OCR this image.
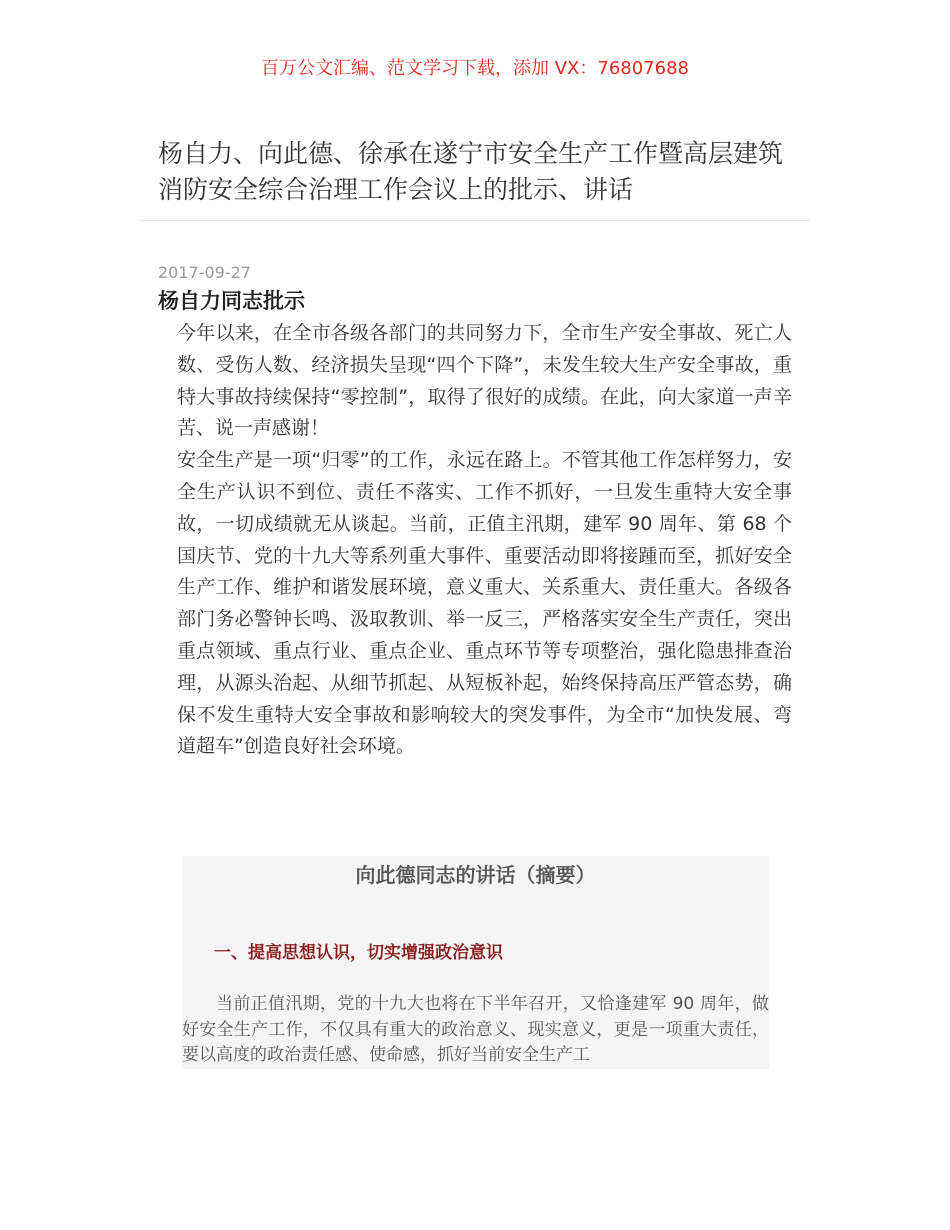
百万公文汇编、范文学习下载，添加 VX：76807688
杨自力、向此德、徐承在遂宁市安全生产工作暨高层建筑消防安全综合治理工作会议上的批示、讲话
2017-09-27
杨自力同志批示

今年以来，在全市各级各部门的共同努力下，全市生产安全事故、死亡人数、受伤人数、经济损失呈现“四个下降”，未发生较大生产安全事故，重特大事故持续保持“零控制”，取得了很好的成绩。在此，向大家道一声辛苦、说一声感谢！

安全生产是一项“归零”的工作，永远在路上。不管其他工作怎样努力，安全生产认识不到位、责任不落实、工作不抓好，一旦发生重特大安全事故，一切成绩就无从谈起。当前，正值主汛期，建军 90 周年、第 68 个国庆节、党的十九大等系列重大事件、重要活动即将接踵而至，抓好安全生产工作、维护和谐发展环境，意义重大、关系重大、责任重大。各级各部门务必警钟长鸣、汲取教训、举一反三，严格落实安全生产责任，突出重点领域、重点行业、重点企业、重点环节等专项整治，强化隐患排查治理，从源头治起、从细节抓起、从短板补起，始终保持高压严管态势，确保不发生重特大安全事故和影响较大的突发事件，为全市“加快发展、弯道超车”创造良好社会环境。

向此德同志的讲话（摘要）
一、提高思想认识，切实增强政治意识
当前正值汛期，党的十九大也将在下半年召开，又恰逢建军 90 周年，做好安全生产工作，不仅具有重大的政治意义、现实意义，更是一项重大责任，要以高度的政治责任感、使命感，抓好当前安全生产工
